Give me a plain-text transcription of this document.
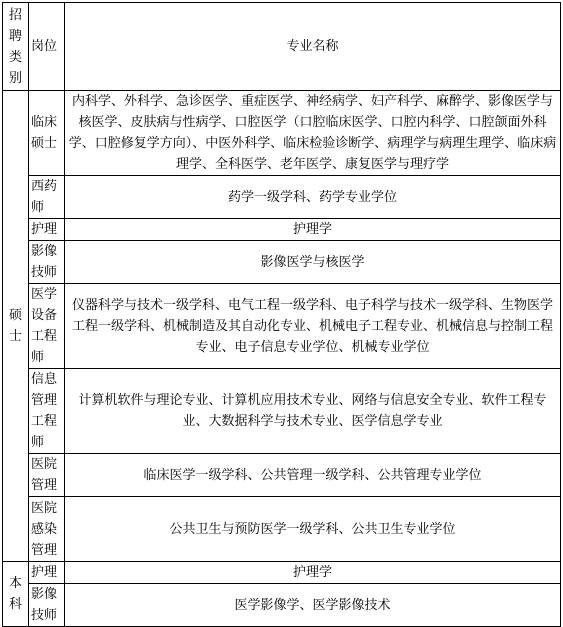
招聘类别	岗位	专业名称
硕士	临床硕士	内科学、外科学、急诊医学、重症医学、神经病学、妇产科学、麻醉学、影像医学与核医学、皮肤病与性病学、口腔医学（口腔临床医学、口腔内科学、口腔颌面外科学、口腔修复学方向）、中医外科学、临床检验诊断学、病理学与病理生理学、临床病理学、全科医学、老年医学、康复医学与理疗学
	西药师	药学一级学科、药学专业学位
	护理	护理学
	影像技师	影像医学与核医学
	医学设备工程师	仪器科学与技术一级学科、电气工程一级学科、电子科学与技术一级学科、生物医学工程一级学科、机械制造及其自动化专业、机械电子工程专业、机械信息与控制工程专业、电子信息专业学位、机械专业学位
	信息管理工程师	计算机软件与理论专业、计算机应用技术专业、网络与信息安全专业、软件工程专业、大数据科学与技术专业、医学信息学专业
	医院管理	临床医学一级学科、公共管理一级学科、公共管理专业学位
	医院感染管理	公共卫生与预防医学一级学科、公共卫生专业学位
本科	护理	护理学
	影像技师	医学影像学、医学影像技术
